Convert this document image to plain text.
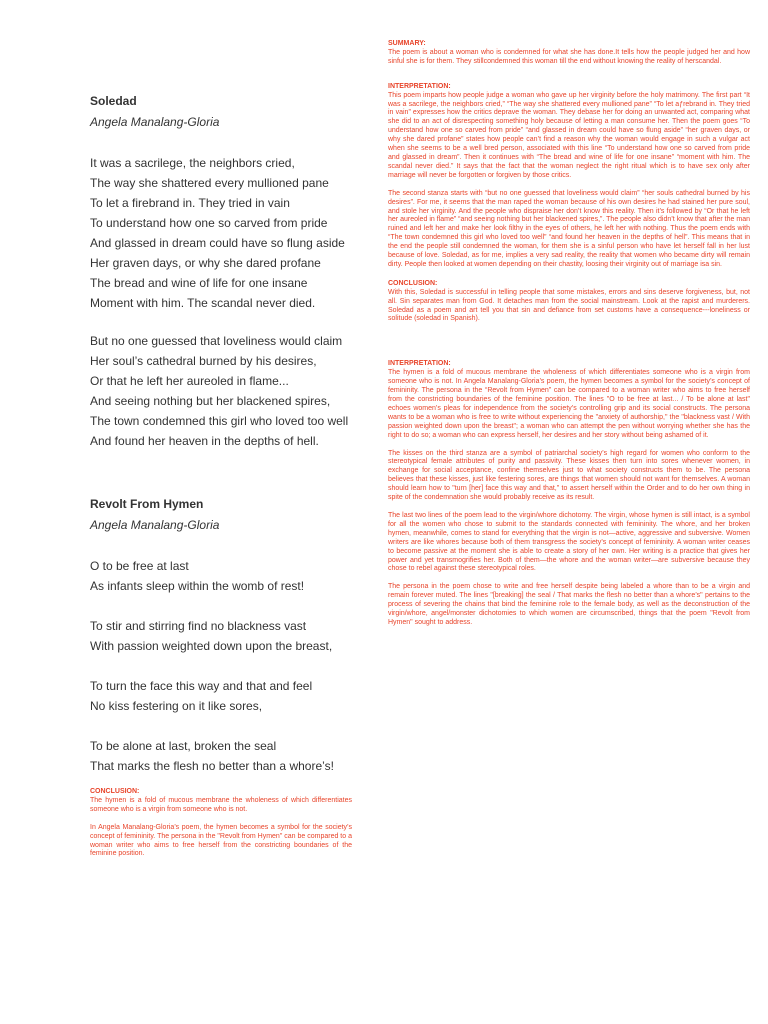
Soledad

Angela Manalang-Gloria

It was a sacrilege, the neighbors cried,
The way she shattered every mullioned pane
To let a firebrand in. They tried in vain
To understand how one so carved from pride
And glassed in dream could have so flung aside
Her graven days, or why she dared profane
The bread and wine of life for one insane
Moment with him. The scandal never died.
But no one guessed that loveliness would claim
Her soul’s cathedral burned by his desires,
Or that he left her aureoled in flame...
And seeing nothing but her blackened spires,
The town condemned this girl who loved too well
And found her heaven in the depths of hell.

Revolt From Hymen

Angela Manalang-Gloria

O to be free at last
As infants sleep within the womb of rest!
To stir and stirring find no blackness vast
With passion weighted down upon the breast,
To turn the face this way and that and feel
No kiss festering on it like sores,
To be alone at last, broken the seal
That marks the flesh no better than a whore’s!
CONCLUSION:

The hymen is a fold of mucous membrane the wholeness of which differentiates someone who is a virgin from someone who is not.

In Angela Manalang-Gloria’s poem, the hymen becomes a symbol for the society’s concept of femininity. The persona in the "Revolt from Hymen" can be compared to a woman writer who aims to free herself from the constricting boundaries of the feminine position.

SUMMARY:

The poem is about a woman who is condemned for what she has done.It tells how the people judged her and how sinful she is for them. They stillcondemned this woman till the end without knowing the reality of herscandal.

INTERPRETATION:

This poem imparts how people judge a woman who gave up her virginity before the holy matrimony. The first part “It was a sacrilege, the neighbors cried,” “The way she shattered every mullioned pane” “To let aƒrebrand in. They tried in vain” expresses how the critics deprave the woman. They debase her for doing an unwanted act, comparing what she did to an act of disrespecting something holy because of letting a man consume her. Then the poem goes “To understand how one so carved from pride” “and glassed in dream could have so flung aside” “her graven days, or why she dared profane” states how people can’t find a reason why the woman would engage in such a vulgar act when she seems to be a well bred person, associated with this line “To understand how one so carved from pride and glassed in dream”. Then it continues with “The bread and wine of life for one insane” “moment with him. The scandal never died.” It says that the fact that the woman neglect the right ritual which is to have sex only after marriage will never be forgotten or forgiven by those critics.

The second stanza starts with “but no one guessed that loveliness would claim” “her souls cathedral burned by his desires”. For me, it seems that the man raped the woman because of his own desires he had stained her pure soul, and stole her virginity. And the people who dispraise her don’t know this reality. Then it’s followed by “Or that he left her aureoled in flame” “and seeing nothing but her blackened spires,”. The people also didn’t know that after the man ruined and left her and make her look filthy in the eyes of others, he left her with nothing. Thus the poem ends with “The town condemned this girl who loved too well” “and found her heaven in the depths of hell”. This means that in the end the people still condemned the woman, for them she is a sinful person who have let herself fall in her lust because of love. Soledad, as for me, implies a very sad reality, the reality that women who became dirty will remain dirty. People then looked at women depending on their chastity, loosing their virginity out of marriage isa sin.

CONCLUSION:

With this, Soledad is successful in telling people that some mistakes, errors and sins deserve forgiveness, but, not all. Sin separates man from God. It detaches man from the social mainstream. Look at the rapist and murderers. Soledad as a poem and art tell you that sin and defiance from set customs have a consequence---loneliness or solitude (soledad in Spanish).

INTERPRETATION:

The hymen is a fold of mucous membrane the wholeness of which differentiates someone who is a virgin from someone who is not. In Angela Manalang-Gloria’s poem, the hymen becomes a symbol for the society’s concept of femininity. The persona in the “Revolt from Hymen” can be compared to a woman writer who aims to free herself from the constricting boundaries of the feminine position. The lines "O to be free at last... / To be alone at last" echoes women’s pleas for independence from the society’s controlling grip and its social constructs. The persona wants to be a woman who is free to write without experiencing the "anxiety of authorship," the "blackness vast / With passion weighted down upon the breast"; a woman who can attempt the pen without worrying whether she has the right to do so; a woman who can express herself, her desires and her story without being ashamed of it.

The kisses on the third stanza are a symbol of patriarchal society’s high regard for women who conform to the stereotypical female attributes of purity and passivity. These kisses then turn into sores whenever women, in exchange for social acceptance, confine themselves just to what society constructs them to be. The persona believes that these kisses, just like festering sores, are things that women should not want for themselves. A woman should learn how to "turn [her] face this way and that," to assert herself within the Order and to do her own thing in spite of the condemnation she would probably receive as its result.

The last two lines of the poem lead to the virgin/whore dichotomy. The virgin, whose hymen is still intact, is a symbol for all the women who chose to submit to the standards connected with femininity. The whore, and her broken hymen, meanwhile, comes to stand for everything that the virgin is not—active, aggressive and subversive. Women writers are like whores because both of them transgress the society’s concept of femininity. A woman writer ceases to become passive at the moment she is able to create a story of her own. Her writing is a practice that gives her power and yet transmogrifies her. Both of them—the whore and the woman writer—are subversive because they chose to rebel against these stereotypical roles.

The persona in the poem chose to write and free herself despite being labeled a whore than to be a virgin and remain forever muted. The lines "[breaking] the seal / That marks the flesh no better than a whore’s" pertains to the process of severing the chains that bind the feminine role to the female body, as well as the deconstruction of the virgin/whore, angel/monster dichotomies to which women are circumscribed, things that the poem "Revolt from Hymen" sought to address.
